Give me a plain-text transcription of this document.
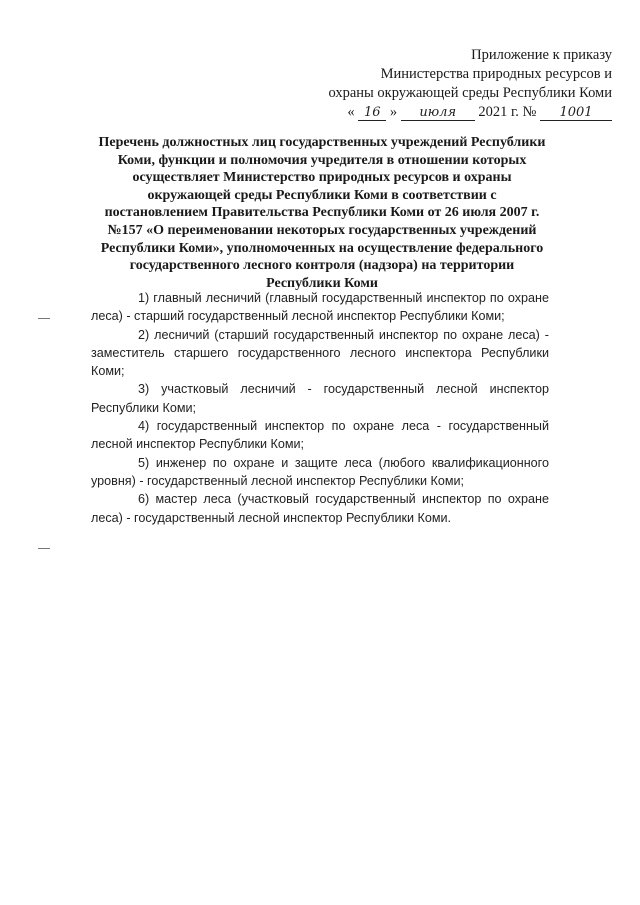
Приложение к приказу
Министерства природных ресурсов и
охраны окружающей среды Республики Коми
« 16 » июля 2021 г. № 1001
Перечень должностных лиц государственных учреждений Республики Коми, функции и полномочия учредителя в отношении которых осуществляет Министерство природных ресурсов и охраны окружающей среды Республики Коми в соответствии с постановлением Правительства Республики Коми от 26 июля 2007 г. №157 «О переименовании некоторых государственных учреждений Республики Коми», уполномоченных на осуществление федерального государственного лесного контроля (надзора) на территории Республики Коми

1) главный лесничий (главный государственный инспектор по охране леса) - старший государственный лесной инспектор Республики Коми;

2) лесничий (старший государственный инспектор по охране леса) - заместитель старшего государственного лесного инспектора Республики Коми;

3) участковый лесничий - государственный лесной инспектор Республики Коми;

4) государственный инспектор по охране леса - государственный лесной инспектор Республики Коми;

5) инженер по охране и защите леса (любого квалификационного уровня) - государственный лесной инспектор Республики Коми;

6) мастер леса (участковый государственный инспектор по охране леса) - государственный лесной инспектор Республики Коми.
